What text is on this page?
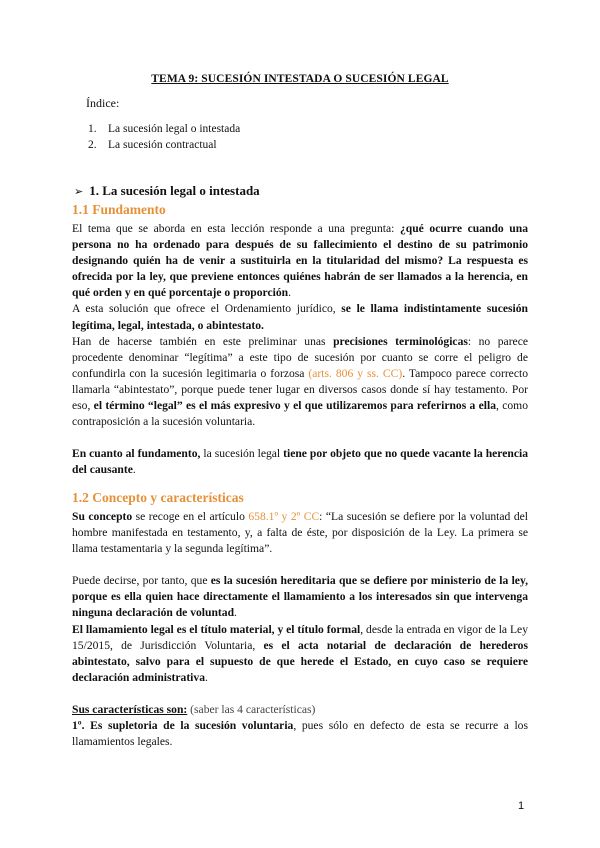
TEMA 9: SUCESIÓN INTESTADA O SUCESIÓN LEGAL
Índice:
1. La sucesión legal o intestada
2. La sucesión contractual
➢ 1. La sucesión legal o intestada
1.1 Fundamento

El tema que se aborda en esta lección responde a una pregunta: ¿qué ocurre cuando una persona no ha ordenado para después de su fallecimiento el destino de su patrimonio designando quién ha de venir a sustituirla en la titularidad del mismo? La respuesta es ofrecida por la ley, que previene entonces quiénes habrán de ser llamados a la herencia, en qué orden y en qué porcentaje o proporción.

A esta solución que ofrece el Ordenamiento jurídico, se le llama indistintamente sucesión legítima, legal, intestada, o abintestato.

Han de hacerse también en este preliminar unas precisiones terminológicas: no parece procedente denominar “legítima” a este tipo de sucesión por cuanto se corre el peligro de confundirla con la sucesión legitimaria o forzosa (arts. 806 y ss. CC). Tampoco parece correcto llamarla “abintestato”, porque puede tener lugar en diversos casos donde sí hay testamento. Por eso, el término “legal” es el más expresivo y el que utilizaremos para referirnos a ella, como contraposición a la sucesión voluntaria.

En cuanto al fundamento, la sucesión legal tiene por objeto que no quede vacante la herencia del causante.

1.2 Concepto y características

Su concepto se recoge en el artículo 658.1º y 2º CC: “La sucesión se defiere por la voluntad del hombre manifestada en testamento, y, a falta de éste, por disposición de la Ley. La primera se llama testamentaria y la segunda legítima”.

Puede decirse, por tanto, que es la sucesión hereditaria que se defiere por ministerio de la ley, porque es ella quien hace directamente el llamamiento a los interesados sin que intervenga ninguna declaración de voluntad.

El llamamiento legal es el título material, y el título formal, desde la entrada en vigor de la Ley 15/2015, de Jurisdicción Voluntaria, es el acta notarial de declaración de herederos abintestato, salvo para el supuesto de que herede el Estado, en cuyo caso se requiere declaración administrativa.

Sus características son: (saber las 4 características)

1º. Es supletoria de la sucesión voluntaria, pues sólo en defecto de esta se recurre a los llamamientos legales.

1
